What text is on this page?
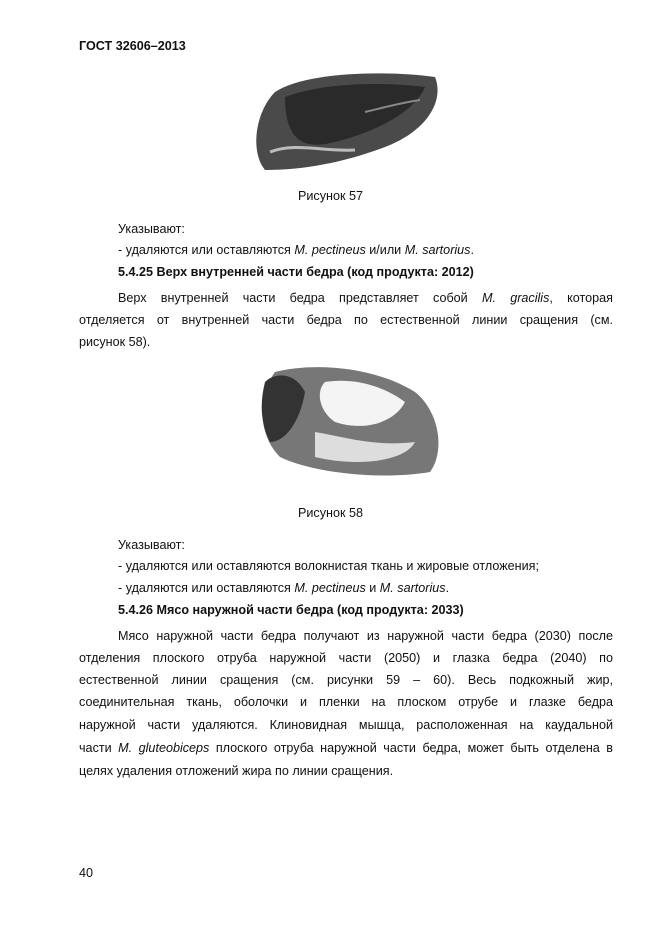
ГОСТ 32606–2013
Рисунок 57
Указывают:
- удаляются или оставляются M. pectineus и/или M. sartorius.
5.4.25 Верх внутренней части бедра (код продукта: 2012)
Верх внутренней части бедра представляет собой M. gracilis, которая
отделяется от внутренней части бедра по естественной линии сращения (см.
рисунок 58).
Рисунок 58
Указывают:
- удаляются или оставляются волокнистая ткань и жировые отложения;
- удаляются или оставляются M. pectineus и M. sartorius.
5.4.26 Мясо наружной части бедра (код продукта: 2033)
Мясо наружной части бедра получают из наружной части бедра (2030) после
отделения плоского отруба наружной части (2050) и глазка бедра (2040) по
естественной линии сращения (см. рисунки 59 – 60). Весь подкожный жир,
соединительная ткань, оболочки и пленки на плоском отрубе и глазке бедра
наружной части удаляются. Клиновидная мышца, расположенная на каудальной
части M. gluteobiceps плоского отруба наружной части бедра, может быть отделена в
целях удаления отложений жира по линии сращения.
40
